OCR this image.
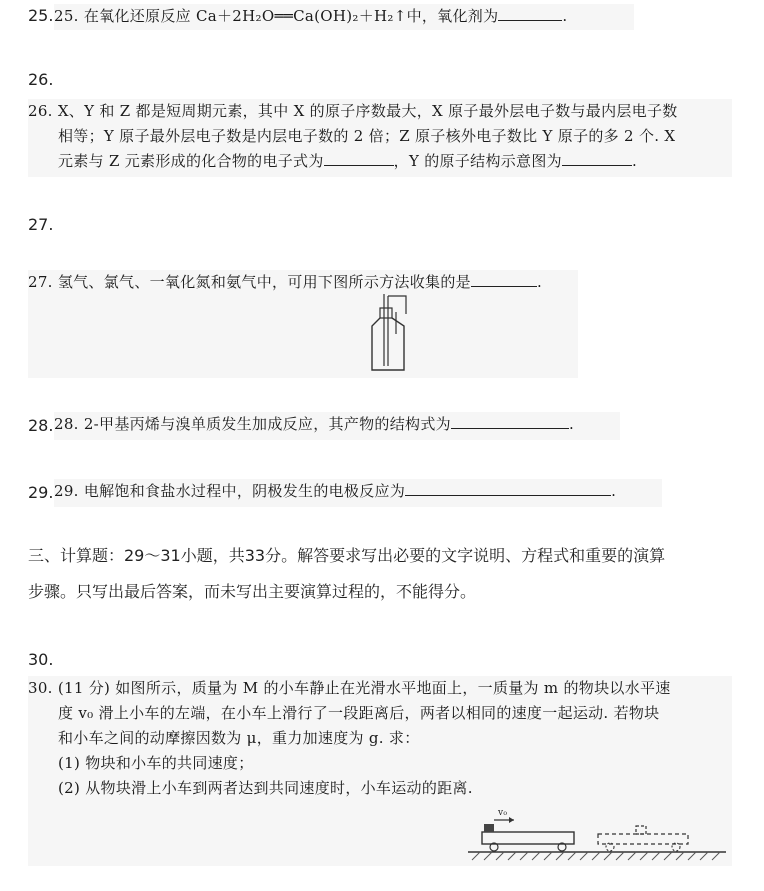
25. 25. 在氧化还原反应 Ca＋2H₂O══Ca(OH)₂＋H₂↑中，氧化剂为	.
26.
26. X、Y 和 Z 都是短周期元素，其中 X 的原子序数最大，X 原子最外层电子数与最内层电子数
相等；Y 原子最外层电子数是内层电子数的 2 倍；Z 原子核外电子数比 Y 原子的多 2 个. X
元素与 Z 元素形成的化合物的电子式为	，Y 的原子结构示意图为	.
27.
27. 氢气、氯气、一氧化氮和氨气中，可用下图所示方法收集的是	.
28. 28. 2-甲基丙烯与溴单质发生加成反应，其产物的结构式为	.
29. 29. 电解饱和食盐水过程中，阴极发生的电极反应为	.
三、计算题：29～31小题，共33分。解答要求写出必要的文字说明、方程式和重要的演算
步骤。只写出最后答案，而未写出主要演算过程的，不能得分。
30.
30. (11 分) 如图所示，质量为 M 的小车静止在光滑水平地面上，一质量为 m 的物块以水平速
度 v₀ 滑上小车的左端，在小车上滑行了一段距离后，两者以相同的速度一起运动. 若物块
和小车之间的动摩擦因数为 μ，重力加速度为 g. 求：
(1) 物块和小车的共同速度；
(2) 从物块滑上小车到两者达到共同速度时，小车运动的距离.
v₀
